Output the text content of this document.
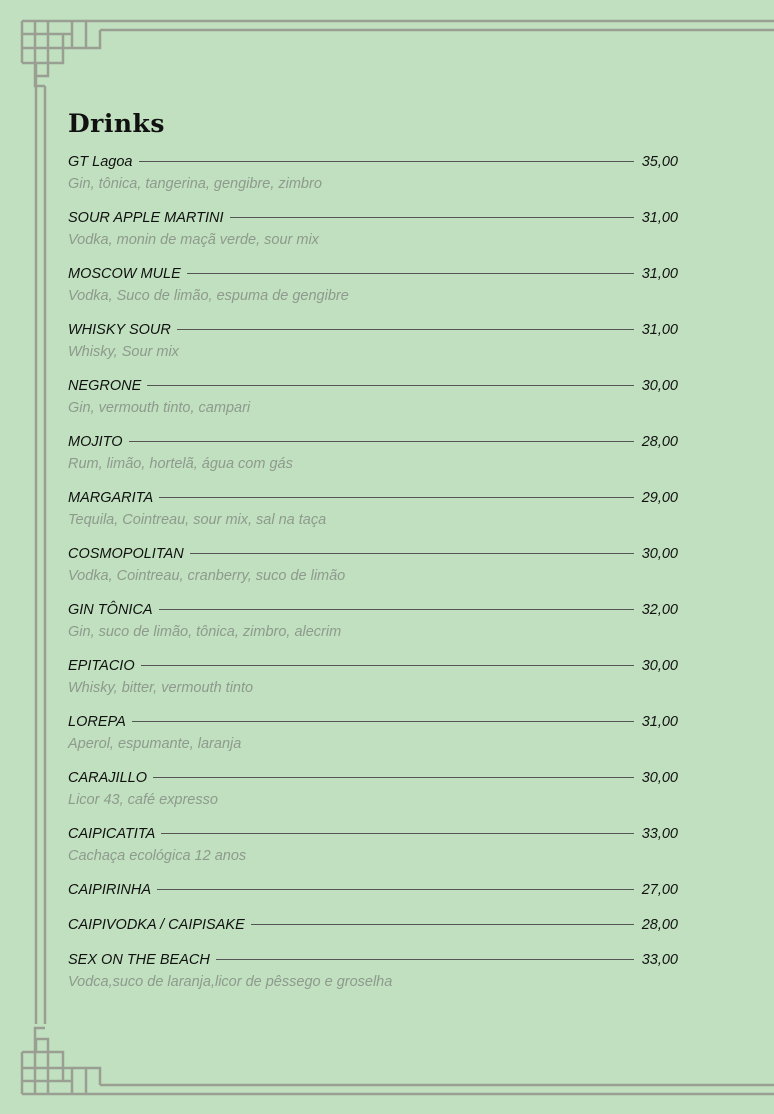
Drinks
GT Lagoa	35,00
Gin, tônica, tangerina, gengibre, zimbro
SOUR APPLE MARTINI	31,00
Vodka, monin de maçã verde, sour mix
MOSCOW MULE	31,00
Vodka, Suco de limão, espuma de gengibre
WHISKY SOUR	31,00
Whisky, Sour mix
NEGRONE	30,00
Gin, vermouth tinto, campari
MOJITO	28,00
Rum, limão, hortelã, água com gás
MARGARITA	29,00
Tequila, Cointreau, sour mix, sal na taça
COSMOPOLITAN	30,00
Vodka, Cointreau, cranberry, suco de limão
GIN TÔNICA	32,00
Gin, suco de limão, tônica, zimbro, alecrim
EPITACIO	30,00
Whisky, bitter, vermouth tinto
LOREPA	31,00
Aperol, espumante, laranja
CARAJILLO	30,00
Licor 43, café expresso
CAIPICATITA	33,00
Cachaça ecológica 12 anos
CAIPIRINHA	27,00
CAIPIVODKA / CAIPISAKE	28,00
SEX ON THE BEACH	33,00
Vodca,suco de laranja,licor de pêssego e groselha
